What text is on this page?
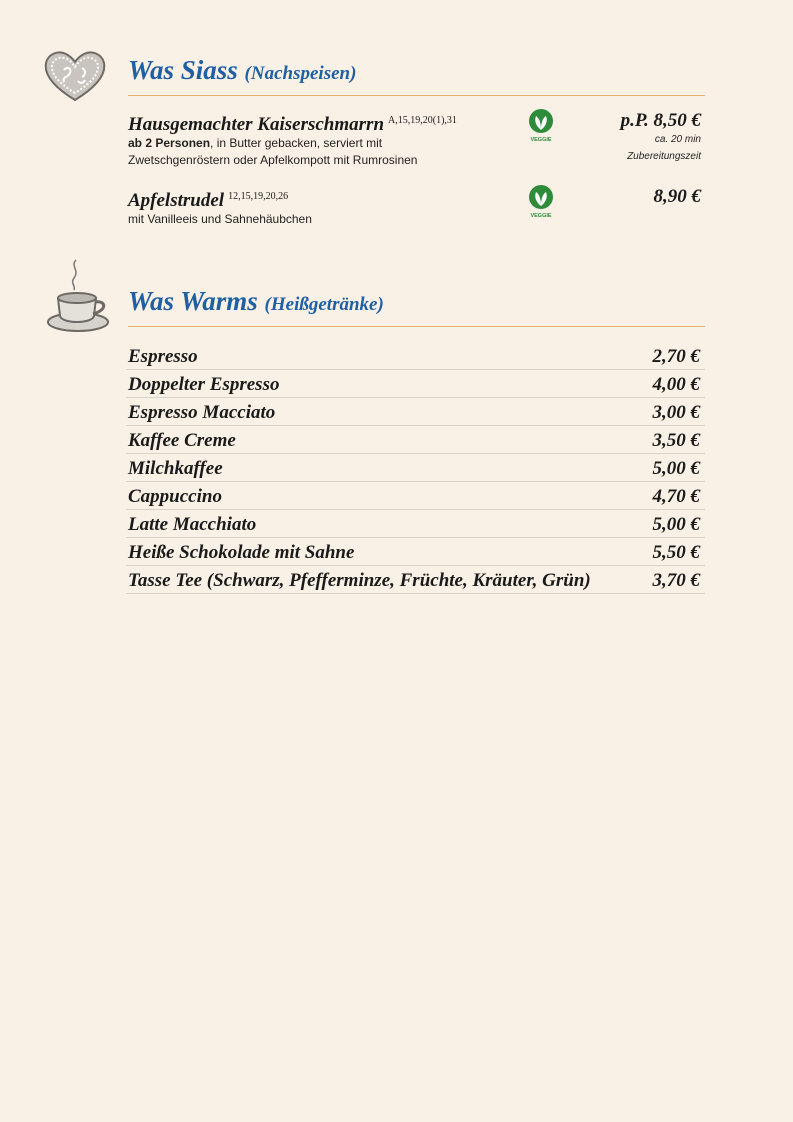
Was Siass (Nachspeisen)
Hausgemachter Kaiserschmarrn $^{A,15,19,20(1),31}$
ab 2 Personen, in Butter gebacken, serviert mit
Zwetschgenröstern oder Apfelkompott mit Rumrosinen
VEGGIE
p.P. 8,50 €
ca. 20 min
Zubereitungszeit
Apfelstrudel $^{12,15,19,20,26}$
mit Vanilleeis und Sahnehäubchen	VEGGIE
8,90 €
Was Warms (Heißgetränke)
Espresso	2,70 €
Doppelter Espresso	4,00 €
Espresso Macciato	3,00 €
Kaffee Creme	3,50 €
Milchkaffee	5,00 €
Cappuccino	4,70 €
Latte Macchiato	5,00 €
Heiße Schokolade mit Sahne	5,50 €
Tasse Tee (Schwarz, Pfefferminze, Früchte, Kräuter, Grün)	3,70 €
